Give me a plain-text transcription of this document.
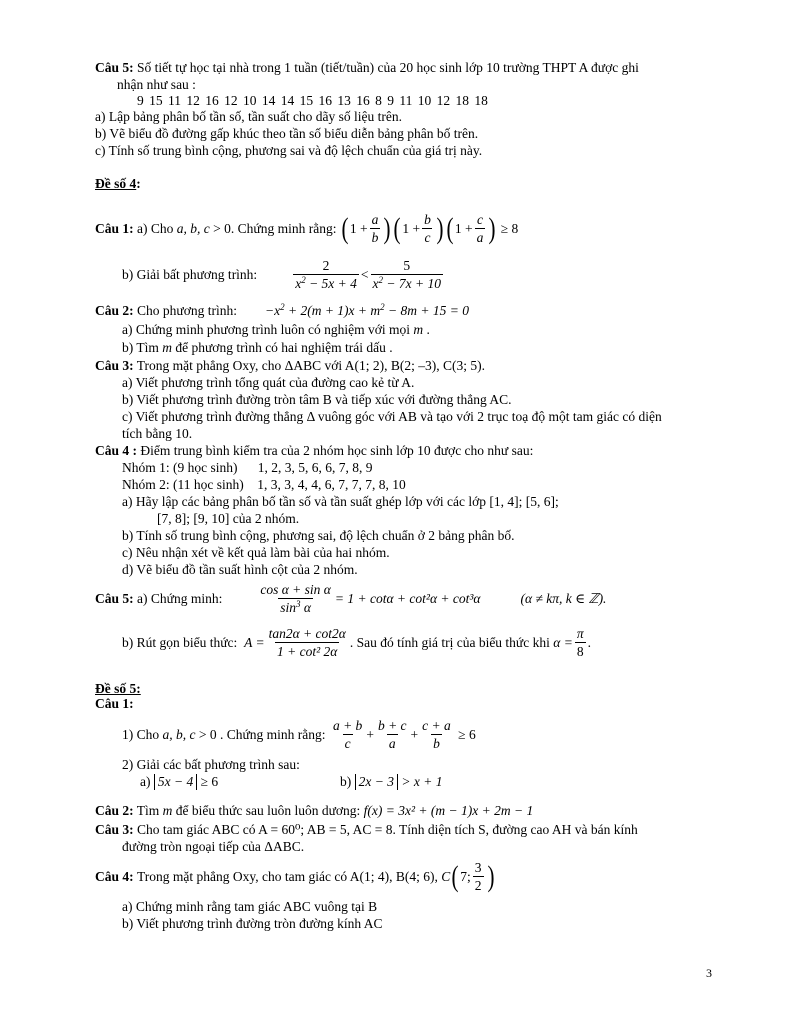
Câu 5: Số tiết tự học tại nhà trong 1 tuần (tiết/tuần) của 20 học sinh lớp 10 trường THPT A được ghi
nhận như sau :
9 15 11 12 16 12 10 14 14 15 16 13 16 8 9 11 10 12 18 18
a) Lập bảng phân bố tần số, tần suất cho dãy số liệu trên.
b) Vẽ biểu đồ đường gấp khúc theo tần số biểu diễn bảng phân bố trên.
c) Tính số trung bình cộng, phương sai và độ lệch chuẩn của giá trị này.
Đề số 4:
Câu 1:
a) Cho
a, b, c
> 0. Chứng minh rằng:
( $1 + \frac{a}{b}$ ) ( $1 + \frac{b}{c}$ ) ( $1 + \frac{c}{a}$ )
≥ 8
b) Giải bất phương trình:	$\frac{2}{x^2 - 5x + 4} < \frac{5}{x^2 - 7x + 10}$
Câu 2: Cho phương trình: $-x^2 + 2(m + 1)x + m^2 - 8m + 15 = 0$
a) Chứng minh phương trình luôn có nghiệm với mọi m .
b) Tìm m để phương trình có hai nghiệm trái dấu .
Câu 3: Trong mặt phẳng Oxy, cho ΔABC với A(1; 2), B(2; –3), C(3; 5).
a) Viết phương trình tổng quát của đường cao kẻ từ A.
b) Viết phương trình đường tròn tâm B và tiếp xúc với đường thẳng AC.
c) Viết phương trình đường thẳng Δ vuông góc với AB và tạo với 2 trục toạ độ một tam giác có diện
tích bằng 10.
Câu 4 : Điểm trung bình kiểm tra của 2 nhóm học sinh lớp 10 được cho như sau:
Nhóm 1: (9 học sinh)      1, 2, 3, 5, 6, 6, 7, 8, 9
Nhóm 2: (11 học sinh)    1, 3, 3, 4, 4, 6, 7, 7, 7, 8, 10
a) Hãy lập các bảng phân bố tần số và tần suất ghép lớp với các lớp [1, 4]; [5, 6];
[7, 8]; [9, 10] của 2 nhóm.
b) Tính số trung bình cộng, phương sai, độ lệch chuẩn ở 2 bảng phân bố.
c) Nêu nhận xét về kết quả làm bài của hai nhóm.
d) Vẽ biểu đồ tần suất hình cột của 2 nhóm.
Câu 5:
a) Chứng minh:	$\frac{\text{cos α + sin α}}{\sin^3 \alpha} = 1 + \cot\alpha + \cot^2\alpha + \cot^3\alpha$	(α ≠ kπ, k ∈ ℤ).
b) Rút gọn biểu thức:
$A = \frac{\tan 2\alpha + \cot 2\alpha}{\text{1 + cot² 2α}}$ . Sau đó tính giá trị của biểu thức khi
$\alpha = \frac{\pi}{8}$ .
Đề số 5:
Câu 1:
1) Cho
a, b, c
> 0 . Chứng minh rằng:
$\frac{a + b}{c} + \frac{b + c}{a} + \frac{c + a}{b}$
≥ 6
2) Giải các bất phương trình sau:
a) 5x − 4 ≥ 6	b) 2x − 3 > x + 1
Câu 2: Tìm m để biểu thức sau luôn luôn dương: f(x) = 3x² + (m − 1)x + 2m − 1
Câu 3: Cho tam giác ABC có A = 60⁰; AB = 5, AC = 8. Tính diện tích S, đường cao AH và bán kính
đường tròn ngoại tiếp của ΔABC.
Câu 4:
Trong mặt phẳng Oxy, cho tam giác có A(1; 4), B(4; 6),
C ( 7; $\frac{3}{2}$ )
a) Chứng minh rằng tam giác ABC vuông tại B
b) Viết phương trình đường tròn đường kính AC
3
